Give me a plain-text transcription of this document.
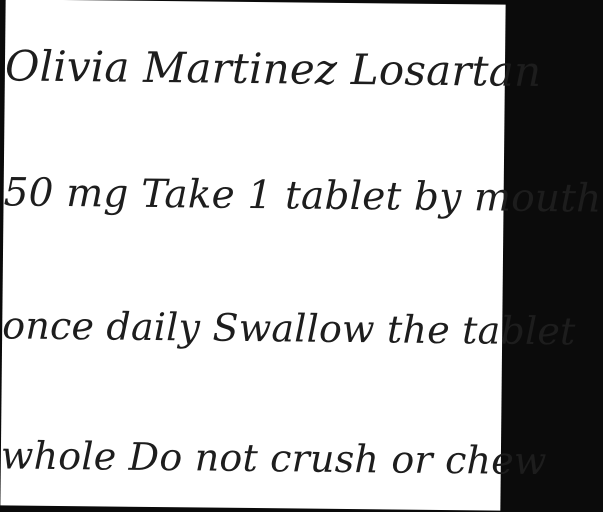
Olivia Martinez Losartan
50 mg Take 1 tablet by mouth
once daily Swallow the tablet
whole Do not crush or chew
